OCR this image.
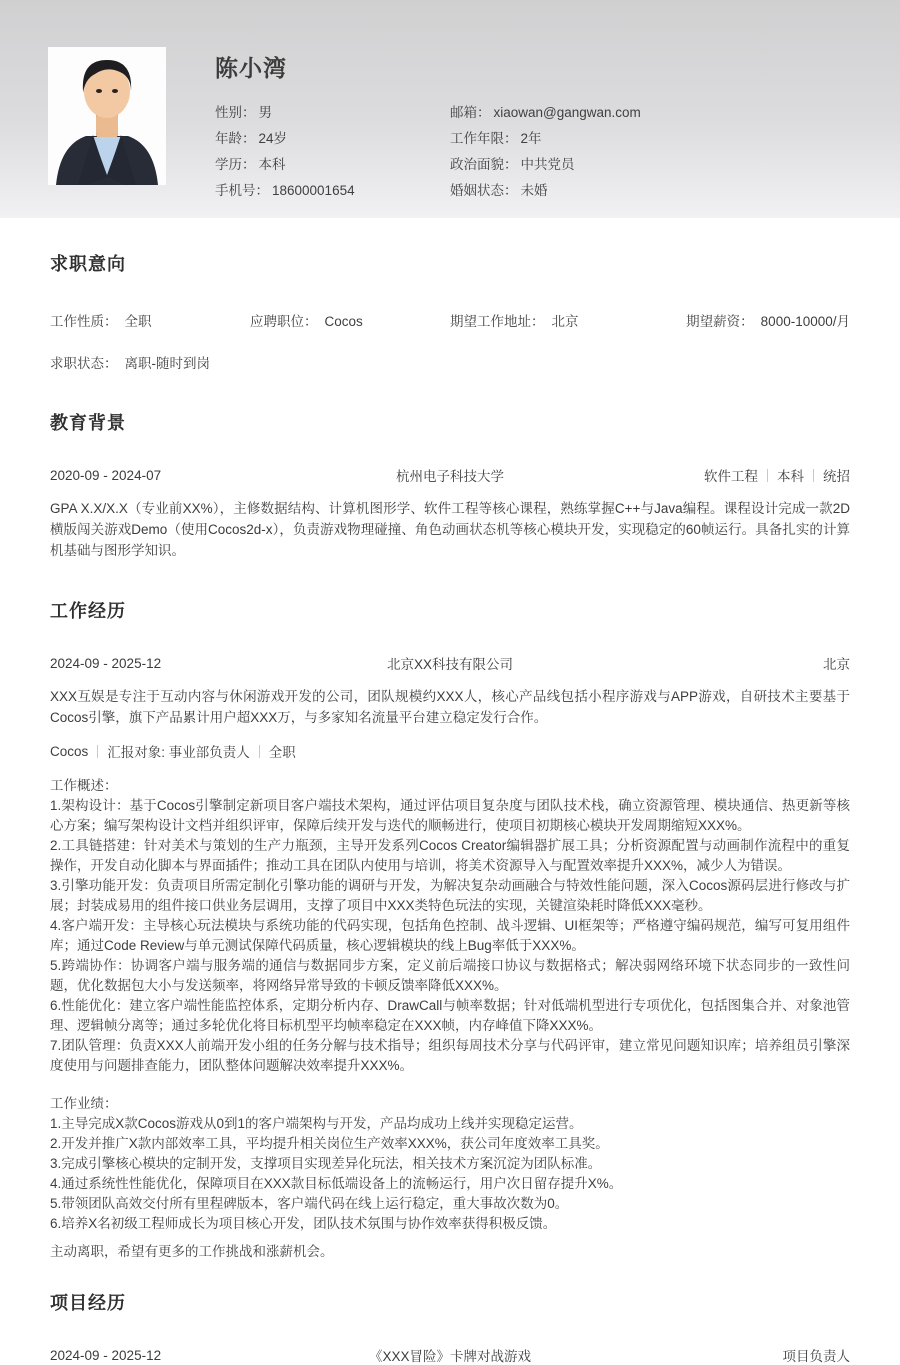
陈小湾
性别： 男	邮箱： xiaowan@gangwan.com
年龄： 24岁	工作年限： 2年
学历： 本科	政治面貌： 中共党员
手机号： 18600001654	婚姻状态： 未婚
求职意向
工作性质： 全职	应聘职位： Cocos	期望工作地址： 北京	期望薪资： 8000-10000/月
求职状态： 离职-随时到岗
教育背景
2020-09 - 2024-07	杭州电子科技大学	软件工程 本科 统招
GPA X.X/X.X（专业前XX%），主修数据结构、计算机图形学、软件工程等核心课程，熟练掌握C++与Java编程。课程设计完成一款2D横版闯关游戏Demo（使用Cocos2d-x），负责游戏物理碰撞、角色动画状态机等核心模块开发，实现稳定的60帧运行。具备扎实的计算机基础与图形学知识。
工作经历
2024-09 - 2025-12	北京XX科技有限公司	北京
XXX互娱是专注于互动内容与休闲游戏开发的公司，团队规模约XXX人，核心产品线包括小程序游戏与APP游戏，自研技术主要基于Cocos引擎，旗下产品累计用户超XXX万，与多家知名流量平台建立稳定发行合作。
Cocos 汇报对象: 事业部负责人 全职
工作概述：

1.架构设计：基于Cocos引擎制定新项目客户端技术架构，通过评估项目复杂度与团队技术栈，确立资源管理、模块通信、热更新等核心方案；编写架构设计文档并组织评审，保障后续开发与迭代的顺畅进行，使项目初期核心模块开发周期缩短XXX%。

2.工具链搭建：针对美术与策划的生产力瓶颈，主导开发系列Cocos Creator编辑器扩展工具；分析资源配置与动画制作流程中的重复操作，开发自动化脚本与界面插件；推动工具在团队内使用与培训，将美术资源导入与配置效率提升XXX%，减少人为错误。

3.引擎功能开发：负责项目所需定制化引擎功能的调研与开发，为解决复杂动画融合与特效性能问题，深入Cocos源码层进行修改与扩展；封装成易用的组件接口供业务层调用，支撑了项目中XXX类特色玩法的实现，关键渲染耗时降低XXX毫秒。

4.客户端开发：主导核心玩法模块与系统功能的代码实现，包括角色控制、战斗逻辑、UI框架等；严格遵守编码规范，编写可复用组件库；通过Code Review与单元测试保障代码质量，核心逻辑模块的线上Bug率低于XXX%。

5.跨端协作：协调客户端与服务端的通信与数据同步方案，定义前后端接口协议与数据格式；解决弱网络环境下状态同步的一致性问题，优化数据包大小与发送频率，将网络异常导致的卡顿反馈率降低XXX%。

6.性能优化：建立客户端性能监控体系，定期分析内存、DrawCall与帧率数据；针对低端机型进行专项优化，包括图集合并、对象池管理、逻辑帧分离等；通过多轮优化将目标机型平均帧率稳定在XXX帧，内存峰值下降XXX%。

7.团队管理：负责XXX人前端开发小组的任务分解与技术指导；组织每周技术分享与代码评审，建立常见问题知识库；培养组员引擎深度使用与问题排查能力，团队整体问题解决效率提升XXX%。

工作业绩：

1.主导完成X款Cocos游戏从0到1的客户端架构与开发，产品均成功上线并实现稳定运营。

2.开发并推广X款内部效率工具，平均提升相关岗位生产效率XXX%，获公司年度效率工具奖。

3.完成引擎核心模块的定制开发，支撑项目实现差异化玩法，相关技术方案沉淀为团队标准。

4.通过系统性性能优化，保障项目在XXX款目标低端设备上的流畅运行，用户次日留存提升X%。

5.带领团队高效交付所有里程碑版本，客户端代码在线上运行稳定，重大事故次数为0。

6.培养X名初级工程师成长为项目核心开发，团队技术氛围与协作效率获得积极反馈。

主动离职，希望有更多的工作挑战和涨薪机会。
项目经历
2024-09 - 2025-12	《XXX冒险》卡牌对战游戏	项目负责人
